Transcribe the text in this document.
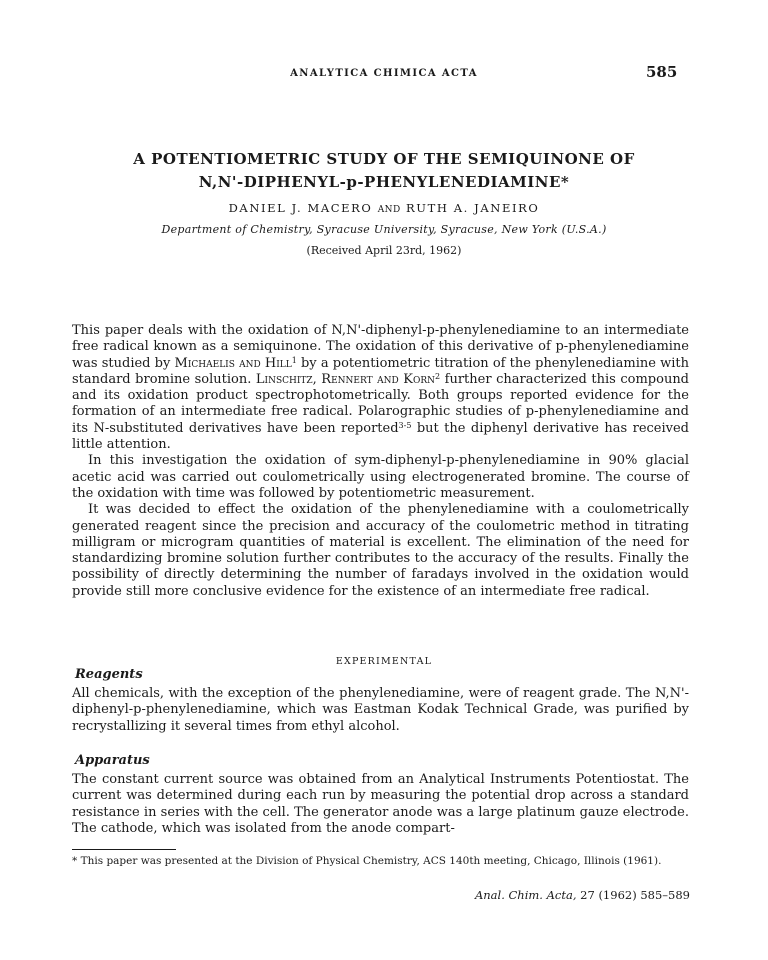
ANALYTICA CHIMICA ACTA	585
A POTENTIOMETRIC STUDY OF THE SEMIQUINONE OF
N,N'-DIPHENYL-p-PHENYLENEDIAMINE*
DANIEL J. MACERO AND RUTH A. JANEIRO
Department of Chemistry, Syracuse University, Syracuse, New York (U.S.A.)
(Received April 23rd, 1962)

This paper deals with the oxidation of N,N'-diphenyl-p-phenylenediamine to an intermediate free radical known as a semiquinone. The oxidation of this derivative of p-phenylenediamine was studied by Michaelis and Hill$^1$ by a potentiometric titration of the phenylenediamine with standard bromine solution. Linschitz, Rennert and Korn$^2$ further characterized this compound and its oxidation product spectrophotometrically. Both groups reported evidence for the formation of an intermediate free radical. Polarographic studies of p-phenylenediamine and its N-substituted derivatives have been reported$^{3-5}$ but the diphenyl derivative has received little attention.

In this investigation the oxidation of sym-diphenyl-p-phenylenediamine in 90% glacial acetic acid was carried out coulometrically using electrogenerated bromine. The course of the oxidation with time was followed by potentiometric measurement.

It was decided to effect the oxidation of the phenylenediamine with a coulometrically generated reagent since the precision and accuracy of the coulometric method in titrating milligram or microgram quantities of material is excellent. The elimination of the need for standardizing bromine solution further contributes to the accuracy of the results. Finally the possibility of directly determining the number of faradays involved in the oxidation would provide still more conclusive evidence for the existence of an intermediate free radical.

EXPERIMENTAL
Reagents
All chemicals, with the exception of the phenylenediamine, were of reagent grade. The N,N'-diphenyl-p-phenylenediamine, which was Eastman Kodak Technical Grade, was purified by recrystallizing it several times from ethyl alcohol.
Apparatus
The constant current source was obtained from an Analytical Instruments Potentiostat. The current was determined during each run by measuring the potential drop across a standard resistance in series with the cell. The generator anode was a large platinum gauze electrode. The cathode, which was isolated from the anode compart-
* This paper was presented at the Division of Physical Chemistry, ACS 140th meeting, Chicago, Illinois (1961).
Anal. Chim. Acta, 27 (1962) 585–589
